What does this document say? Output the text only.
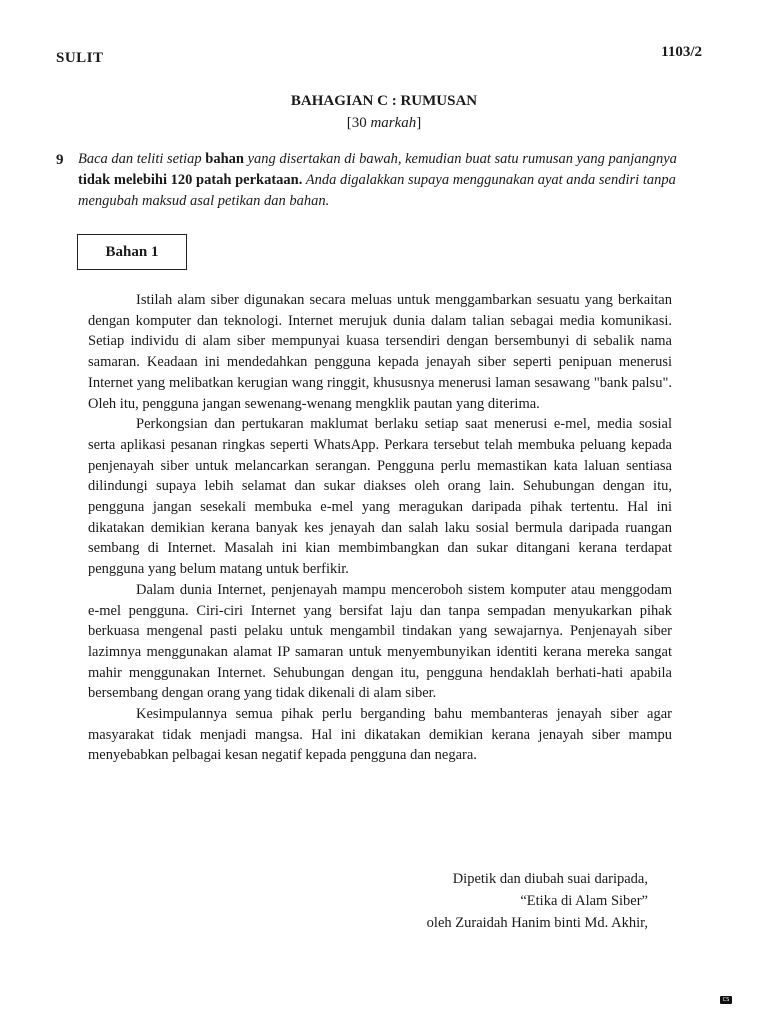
SULIT	1103/2
BAHAGIAN C : RUMUSAN
[30 markah]
9 Baca dan teliti setiap bahan yang disertakan di bawah, kemudian buat satu rumusan yang panjangnya tidak melebihi 120 patah perkataan. Anda digalakkan supaya menggunakan ayat anda sendiri tanpa mengubah maksud asal petikan dan bahan.
Bahan 1

Istilah alam siber digunakan secara meluas untuk menggambarkan sesuatu yang berkaitan dengan komputer dan teknologi. Internet merujuk dunia dalam talian sebagai media komunikasi. Setiap individu di alam siber mempunyai kuasa tersendiri dengan bersembunyi di sebalik nama samaran. Keadaan ini mendedahkan pengguna kepada jenayah siber seperti penipuan menerusi Internet yang melibatkan kerugian wang ringgit, khususnya menerusi laman sesawang "bank palsu". Oleh itu, pengguna jangan sewenang-wenang mengklik pautan yang diterima.

Perkongsian dan pertukaran maklumat berlaku setiap saat menerusi e-mel, media sosial serta aplikasi pesanan ringkas seperti WhatsApp. Perkara tersebut telah membuka peluang kepada penjenayah siber untuk melancarkan serangan. Pengguna perlu memastikan kata laluan sentiasa dilindungi supaya lebih selamat dan sukar diakses oleh orang lain. Sehubungan dengan itu, pengguna jangan sesekali membuka e-mel yang meragukan daripada pihak tertentu. Hal ini dikatakan demikian kerana banyak kes jenayah dan salah laku sosial bermula daripada ruangan sembang di Internet. Masalah ini kian membimbangkan dan sukar ditangani kerana terdapat pengguna yang belum matang untuk berfikir.

Dalam dunia Internet, penjenayah mampu menceroboh sistem komputer atau menggodam e-mel pengguna. Ciri-ciri Internet yang bersifat laju dan tanpa sempadan menyukarkan pihak berkuasa mengenal pasti pelaku untuk mengambil tindakan yang sewajarnya. Penjenayah siber lazimnya menggunakan alamat IP samaran untuk menyembunyikan identiti kerana mereka sangat mahir menggunakan Internet. Sehubungan dengan itu, pengguna hendaklah berhati-hati apabila bersembang dengan orang yang tidak dikenali di alam siber.

Kesimpulannya semua pihak perlu berganding bahu membanteras jenayah siber agar masyarakat tidak menjadi mangsa. Hal ini dikatakan demikian kerana jenayah siber mampu menyebabkan pelbagai kesan negatif kepada pengguna dan negara.

Dipetik dan diubah suai daripada,
“Etika di Alam Siber”
oleh Zuraidah Hanim binti Md. Akhir,
CS
